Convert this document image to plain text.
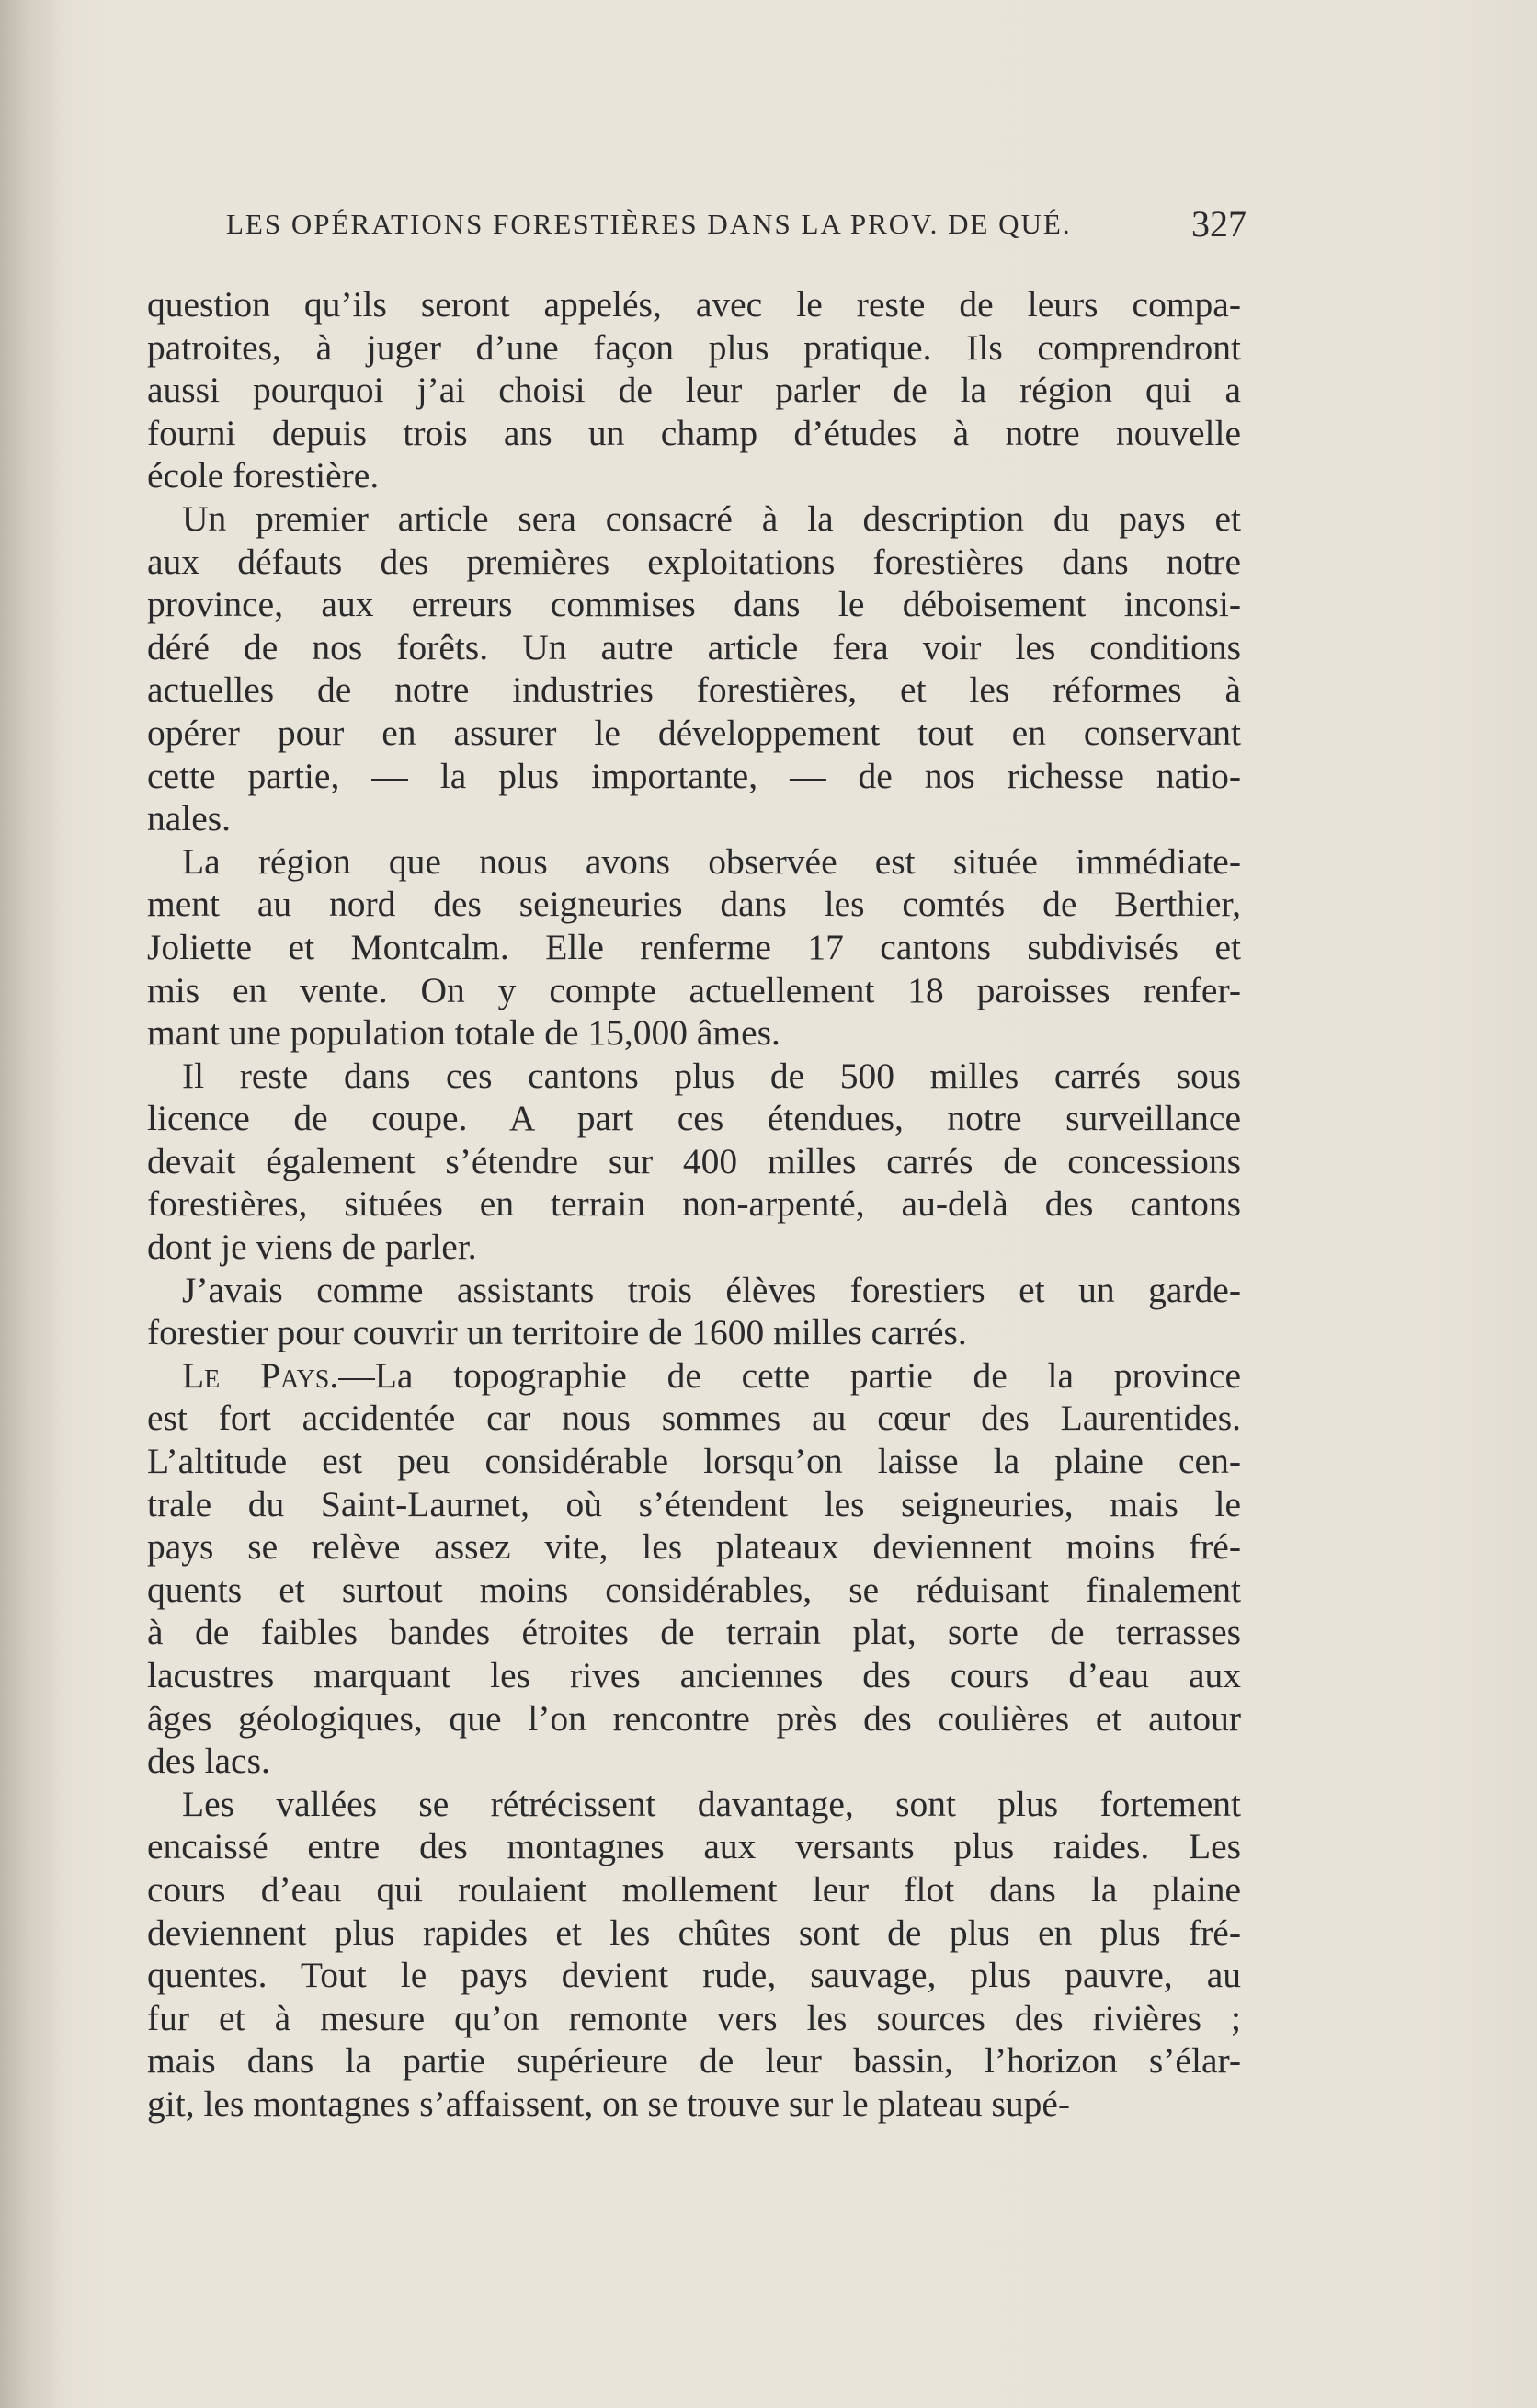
LES OPÉRATIONS FORESTIÈRES DANS LA PROV. DE QUÉ.	327
question qu’ils seront appelés, avec le reste de leurs compa-
patroites, à juger d’une façon plus pratique. Ils comprendront
aussi pourquoi j’ai choisi de leur parler de la région qui a
fourni depuis trois ans un champ d’études à notre nouvelle
école forestière.
Un premier article sera consacré à la description du pays et
aux défauts des premières exploitations forestières dans notre
province, aux erreurs commises dans le déboisement inconsi-
déré de nos forêts. Un autre article fera voir les conditions
actuelles de notre industries forestières, et les réformes à
opérer pour en assurer le développement tout en conservant
cette partie, — la plus importante, — de nos richesse natio-
nales.
La région que nous avons observée est située immédiate-
ment au nord des seigneuries dans les comtés de Berthier,
Joliette et Montcalm. Elle renferme 17 cantons subdivisés et
mis en vente. On y compte actuellement 18 paroisses renfer-
mant une population totale de 15,000 âmes.
Il reste dans ces cantons plus de 500 milles carrés sous
licence de coupe. A part ces étendues, notre surveillance
devait également s’étendre sur 400 milles carrés de concessions
forestières, situées en terrain non-arpenté, au-delà des cantons
dont je viens de parler.
J’avais comme assistants trois élèves forestiers et un garde-
forestier pour couvrir un territoire de 1600 milles carrés.
Le Pays.—La topographie de cette partie de la province
est fort accidentée car nous sommes au cœur des Laurentides.
L’altitude est peu considérable lorsqu’on laisse la plaine cen-
trale du Saint-Laurnet, où s’étendent les seigneuries, mais le
pays se relève assez vite, les plateaux deviennent moins fré-
quents et surtout moins considérables, se réduisant finalement
à de faibles bandes étroites de terrain plat, sorte de terrasses
lacustres marquant les rives anciennes des cours d’eau aux
âges géologiques, que l’on rencontre près des coulières et autour
des lacs.
Les vallées se rétrécissent davantage, sont plus fortement
encaissé entre des montagnes aux versants plus raides. Les
cours d’eau qui roulaient mollement leur flot dans la plaine
deviennent plus rapides et les chûtes sont de plus en plus fré-
quentes. Tout le pays devient rude, sauvage, plus pauvre, au
fur et à mesure qu’on remonte vers les sources des rivières ;
mais dans la partie supérieure de leur bassin, l’horizon s’élar-
git, les montagnes s’affaissent, on se trouve sur le plateau supé-
